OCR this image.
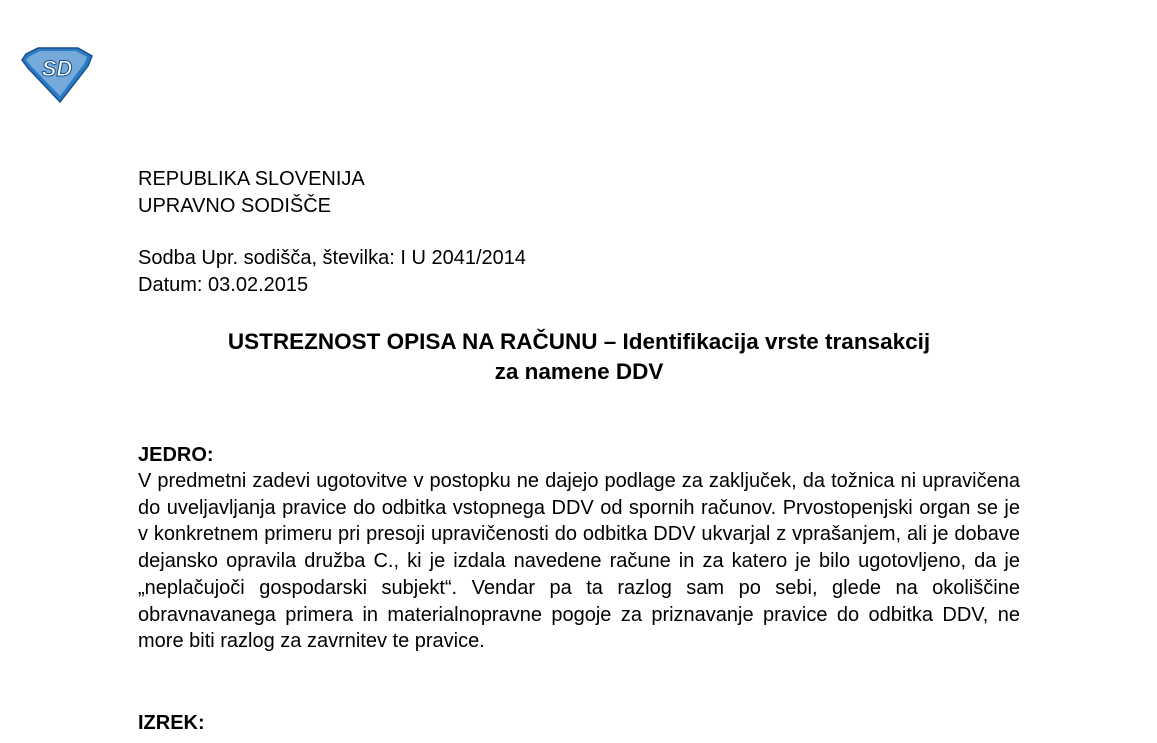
SD
REPUBLIKA SLOVENIJA
UPRAVNO SODIŠČE
Sodba Upr. sodišča, številka: I U 2041/2014
Datum: 03.02.2015
USTREZNOST OPISA NA RAČUNU – Identifikacija vrste transakcij
za namene DDV
JEDRO:
V predmetni zadevi ugotovitve v postopku ne dajejo podlage za zaključek, da tožnica ni upravičena do uveljavljanja pravice do odbitka vstopnega DDV od spornih računov. Prvostopenjski organ se je v konkretnem primeru pri presoji upravičenosti do odbitka DDV ukvarjal z vprašanjem, ali je dobave dejansko opravila družba C., ki je izdala navedene račune in za katero je bilo ugotovljeno, da je „neplačujoči gospodarski subjekt“. Vendar pa ta razlog sam po sebi, glede na okoliščine obravnavanega primera in materialnopravne pogoje za priznavanje pravice do odbitka DDV, ne more biti razlog za zavrnitev te pravice.
IZREK:
